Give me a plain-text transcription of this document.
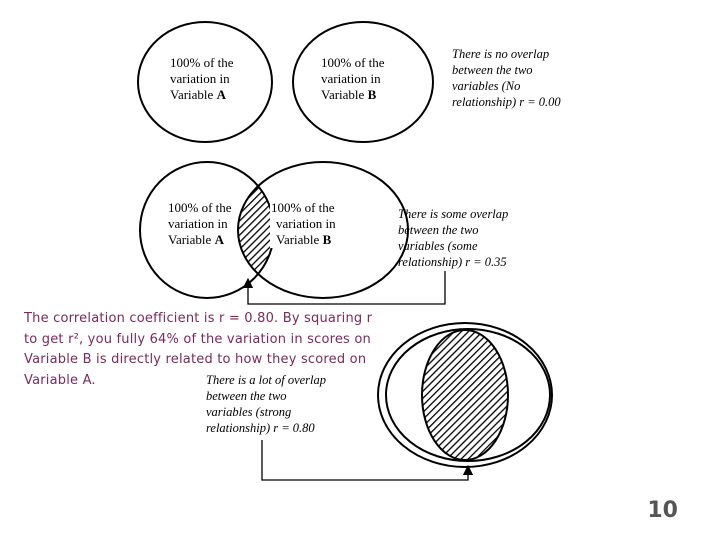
100% of the
variation in
Variable A
100% of the
variation in
Variable B
There is no overlap
between the two
variables (No
relationship) r = 0.00
100% of the
variation in
Variable A
100% of the
variation in
Variable B
There is some overlap
between the two
variables (some
relationship) r = 0.35
The correlation coefficient is r = 0.80. By squaring r
to get r², you fully 64% of the variation in scores on
Variable B is directly related to how they scored on
Variable A.	There is a lot of overlap
between the two
variables (strong
relationship) r = 0.80
10
